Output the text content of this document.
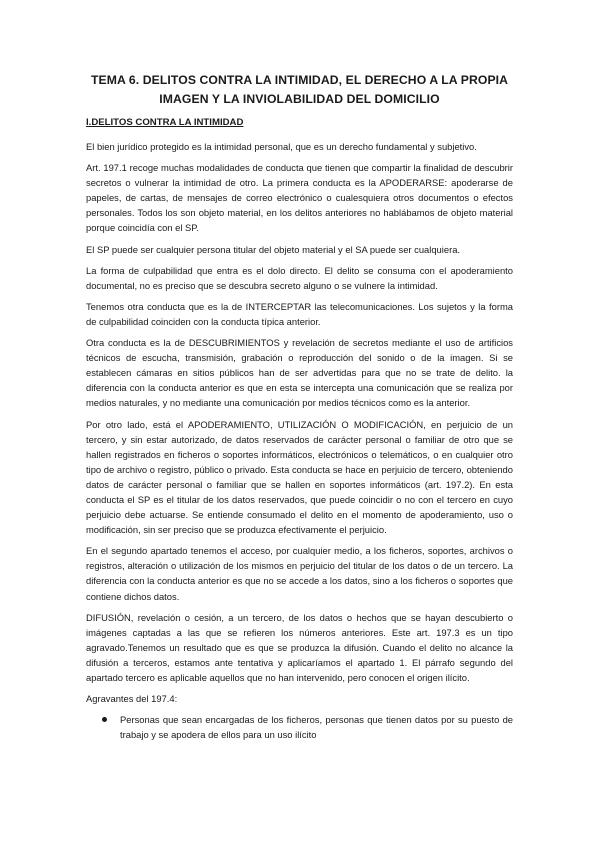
TEMA 6. DELITOS CONTRA LA INTIMIDAD, EL DERECHO A LA PROPIA
IMAGEN Y LA INVIOLABILIDAD DEL DOMICILIO
I.DELITOS CONTRA LA INTIMIDAD

El bien jurídico protegido es la intimidad personal, que es un derecho fundamental y subjetivo.

Art. 197.1 recoge muchas modalidades de conducta que tienen que compartir la finalidad de descubrir secretos o vulnerar la intimidad de otro. La primera conducta es la APODERARSE: apoderarse de papeles, de cartas, de mensajes de correo electrónico o cualesquiera otros documentos o efectos personales. Todos los son objeto material, en los delitos anteriores no hablábamos de objeto material porque coincidía con el SP.

El SP puede ser cualquier persona titular del objeto material y el SA puede ser cualquiera.

La forma de culpabilidad que entra es el dolo directo. El delito se consuma con el apoderamiento documental, no es preciso que se descubra secreto alguno o se vulnere la intimidad.

Tenemos otra conducta que es la de INTERCEPTAR las telecomunicaciones. Los sujetos y la forma de culpabilidad coinciden con la conducta típica anterior.

Otra conducta es la de DESCUBRIMIENTOS y revelación de secretos mediante el uso de artificios técnicos de escucha, transmisión, grabación o reproducción del sonido o de la imagen. Si se establecen cámaras en sitios públicos han de ser advertidas para que no se trate de delito. la diferencia con la conducta anterior es que en esta se intercepta una comunicación que se realiza por medios naturales, y no mediante una comunicación por medios técnicos como es la anterior.

Por otro lado, está el APODERAMIENTO, UTILIZACIÓN O MODIFICACIÓN, en perjuicio de un tercero, y sin estar autorizado, de datos reservados de carácter personal o familiar de otro que se hallen registrados en ficheros o soportes informáticos, electrónicos o telemáticos, o en cualquier otro tipo de archivo o registro, público o privado. Esta conducta se hace en perjuicio de tercero, obteniendo datos de carácter personal o familiar que se hallen en soportes informáticos (art. 197.2). En esta conducta el SP es el titular de los datos reservados, que puede coincidir o no con el tercero en cuyo perjuicio debe actuarse. Se entiende consumado el delito en el momento de apoderamiento, uso o modificación, sin ser preciso que se produzca efectivamente el perjuicio.

En el segundo apartado tenemos el acceso, por cualquier medio, a los ficheros, soportes, archivos o registros, alteración o utilización de los mismos en perjuicio del titular de los datos o de un tercero. La diferencia con la conducta anterior es que no se accede a los datos, sino a los ficheros o soportes que contiene dichos datos.

DIFUSIÓN, revelación o cesión, a un tercero, de los datos o hechos que se hayan descubierto o imágenes captadas a las que se refieren los números anteriores. Este art. 197.3 es un tipo agravado.Tenemos un resultado que es que se produzca la difusión. Cuando el delito no alcance la difusión a terceros, estamos ante tentativa y aplicaríamos el apartado 1. El párrafo segundo del apartado tercero es aplicable aquellos que no han intervenido, pero conocen el origen ilícito.

Agravantes del 197.4:

Personas que sean encargadas de los ficheros, personas que tienen datos por su puesto de trabajo y se apodera de ellos para un uso ilícito
